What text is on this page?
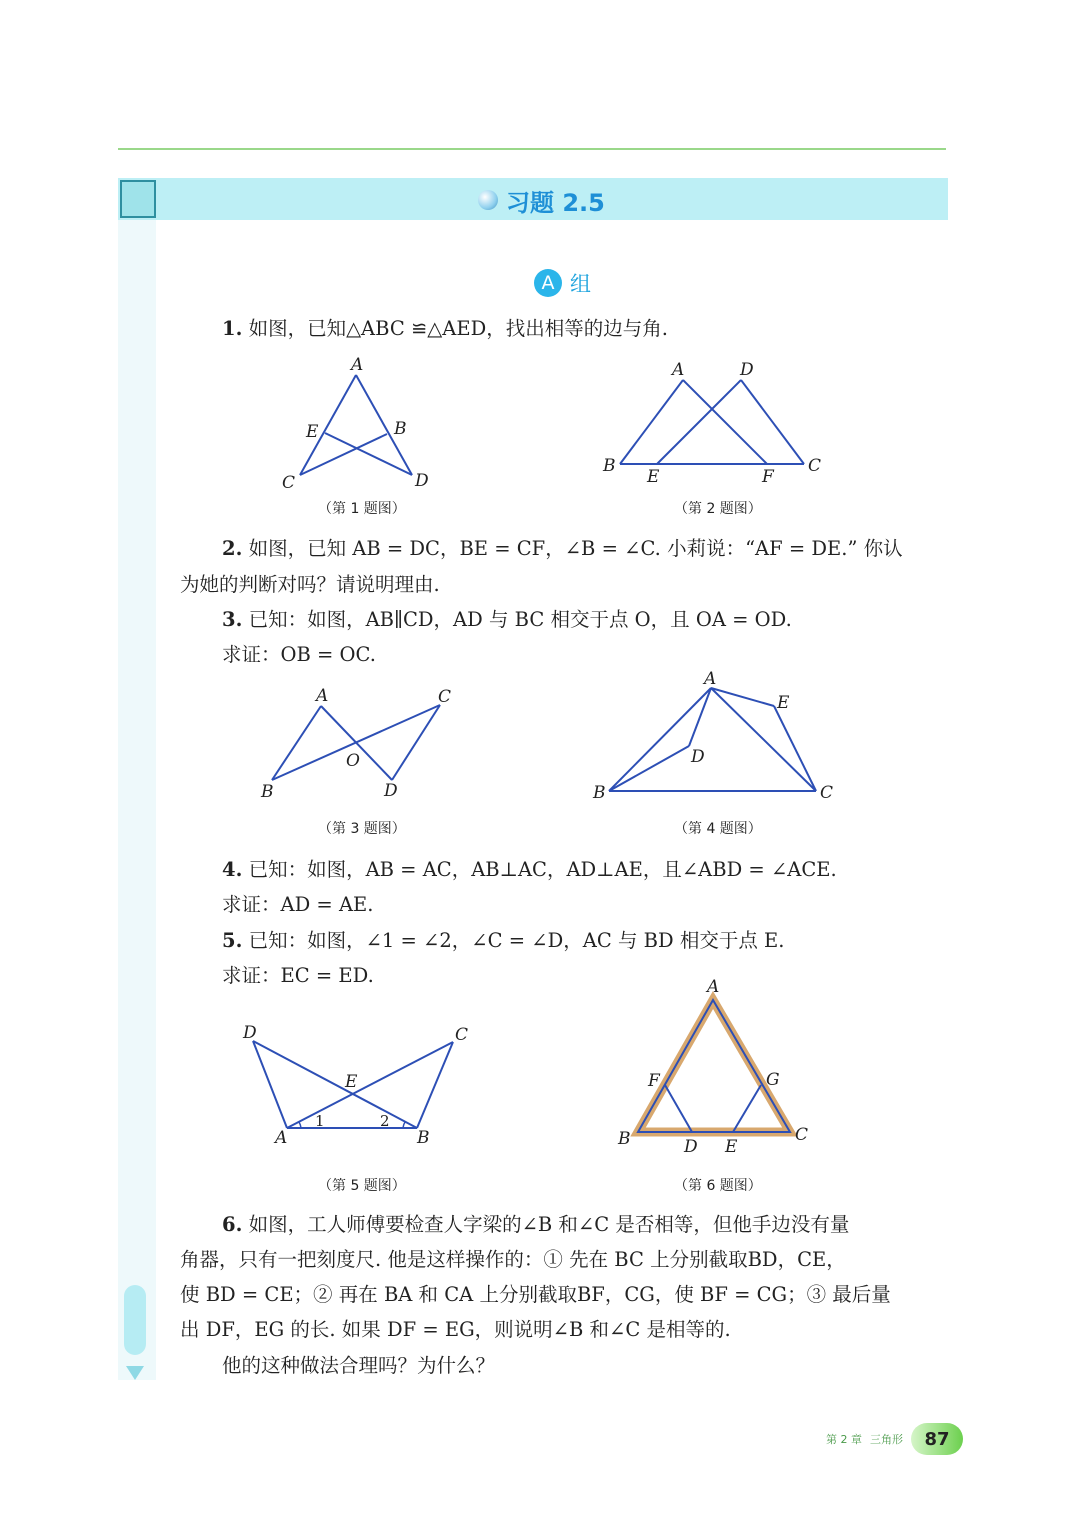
习题 2.5
A 组
1. 如图，已知△ABC ≌△AED，找出相等的边与角.
A
E	B
C	D
（第 1 题图）
A	D
B
E	F
C
（第 2 题图）
2. 如图，已知 AB = DC，BE = CF，∠B = ∠C. 小莉说：“AF = DE.” 你认
为她的判断对吗？请说明理由.
3. 已知：如图，AB∥CD，AD 与 BC 相交于点 O，且 OA = OD.
求证：OB = OC.
A	C
O
B	D
（第 3 题图）
A
E
D
B	C
（第 4 题图）
4. 已知：如图，AB = AC，AB⊥AC，AD⊥AE，且∠ABD = ∠ACE.
求证：AD = AE.
5. 已知：如图，∠1 = ∠2，∠C = ∠D，AC 与 BD 相交于点 E.
求证：EC = ED.
D	C
E
1	2
A	B
（第 5 题图）
A
F	G
B	D E
C
（第 6 题图）
6. 如图，工人师傅要检查人字梁的∠B 和∠C 是否相等，但他手边没有量
角器，只有一把刻度尺. 他是这样操作的：① 先在 BC 上分别截取BD，CE，
使 BD = CE；② 再在 BA 和 CA 上分别截取BF，CG，使 BF = CG；③ 最后量
出 DF，EG 的长. 如果 DF = EG，则说明∠B 和∠C 是相等的.
他的这种做法合理吗？为什么？
第 2 章 三角形	87
